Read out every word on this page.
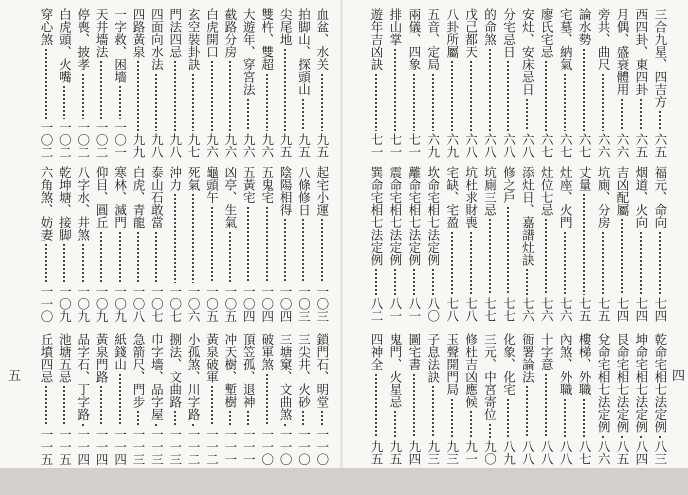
三合九星、四吉方
六五
西四卦、東四卦
六五
月偶、盛衰體用
六六
旁共、曲尺
六六
論水勢
六七
宅墓、納氣
六七
廖氏宅忌
六七
安灶、安床忌日
六八
分宅忌日
六八
的命煞
六八
戊己都天
六八
八卦所屬
六九
五音、定局
六九
兩儀、四象
七一
排山掌
七一
遊年吉凶訣
七一
福元、命向
七四
烟道、火向
七四
吉凶配屬
七四
坑廁、分房
七五
丈量
七五
灶座、火門
七六
灶位七忌
七六
添灶日、嘉譜灶訣
七六
修之戶
七七
坑廁三忌
七七
坑杜求財喪
七八
宅缺、宅盈
七八
坎命宅相七法定例
八〇
離命宅相七法定例
八一
震命宅相七法定例
八一
巽命宅相七法定例
八二
乾命宅相七法定例
八三
坤命宅相七法定例
八四
艮命宅相七法定例
八五
兌命宅相七法定例
八六
樓梯、外職
八七
內煞、外職
八八
十字意
八八
衙署論法
八八
化象、化宅
八九
三元、中宮寄位
九〇
修杜吉凶應候
九一
玉聲開門局
九三
子息法訣
九三
圖宅書
九四
鬼門、火星忌
九五
四神全
九五
四
血盆、水关
九五
拍脚山、探頭山
九五
尖尾地
九五
雙杵、雙超
九六
大遊年、穿宮法
九六
截路分房
九六
白虎開口
九六
玄空裝卦訣
九七
門法四忌
九八
四面向水法
九八
四路黃泉
九九
一字救、困墻
一〇一
天井墻法
一〇二
停喪、披孝
一〇二
白虎頭、火嘴
一〇二
穿心煞
一〇二
起宅小運
一〇三
八條修日
一〇三
陰陽相得
一〇四
五鬼宅
一〇四
五黃宅
一〇四
凶亭、生氣
一〇五
龜頭午
一〇五
死氣
一〇六
沖力
一〇七
泰山石敢當
一〇七
白虎、青龍
一〇八
寒林、滅門
一〇九
仰目、圓丘
一〇九
八字水、井煞
一〇九
乾坤塘、接脚
一〇九
六角煞、妨妻
一一〇
鎖門石、明堂
一一〇
三尖井、火砂
一一〇
三塘窠、文曲煞
一一〇
破軍煞
一一〇
頂笠孤、退神
一一一
冲天樹、塹樹
一一一
黃泉破軍
一一二
小孤煞、川字路
一一二
捌法、文曲路
一一三
巾字墻、品字屋
一一三
急箭尺、門步
一一三
紙錢山
一一四
黃泉門路
一一四
品字石、丁字路
一一四
池塘五忌
一一五
丘墳四忌
一一五
五
